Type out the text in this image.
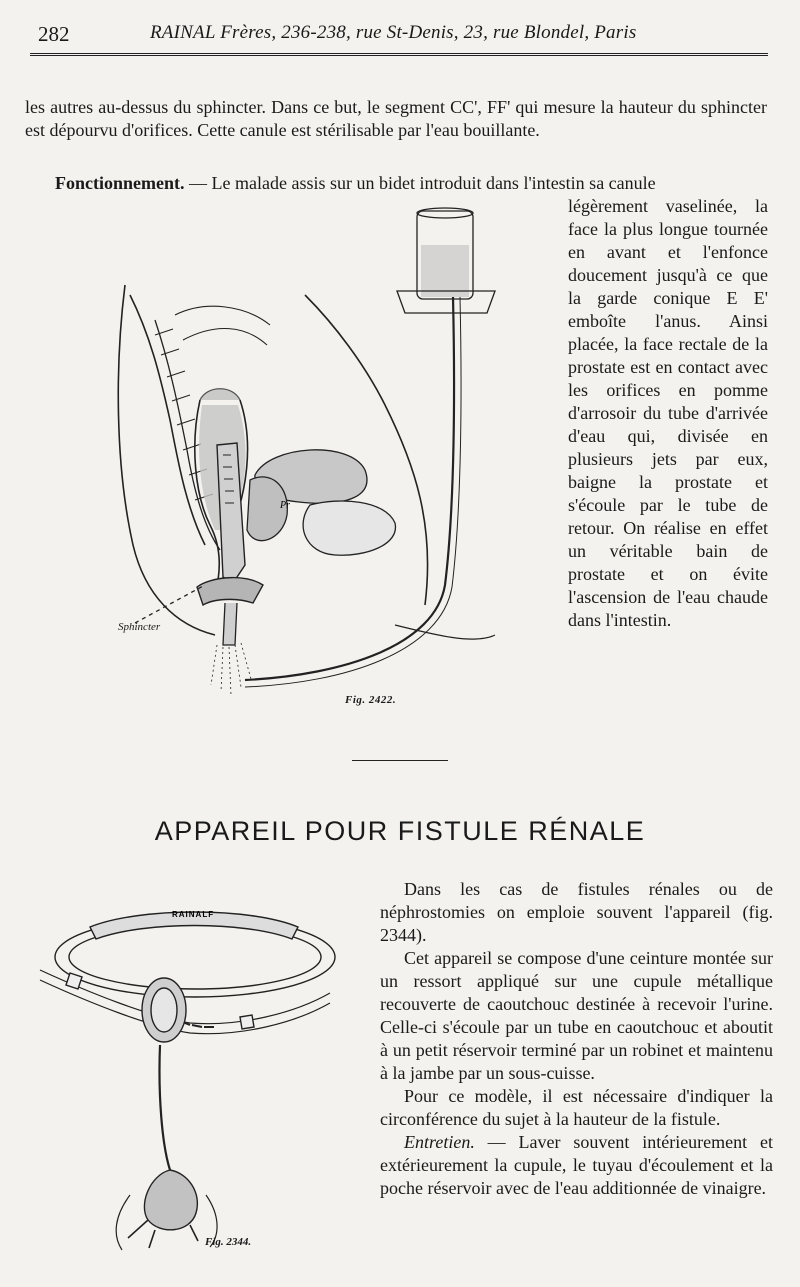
282	RAINAL Frères, 236-238, rue St-Denis, 23, rue Blondel, Paris

les autres au-dessus du sphincter. Dans ce but, le segment CC', FF' qui mesure la hauteur du sphincter est dépourvu d'orifices. Cette canule est stérilisable par l'eau bouillante.

Fonctionnement. — Le malade assis sur un bidet introduit dans l'intestin sa canule

légèrement vaselinée, la face la plus longue tournée en avant et l'enfonce doucement jusqu'à ce que la garde conique E E' emboîte l'anus. Ainsi placée, la face rectale de la prostate est en contact avec les orifices en pomme d'arrosoir du tube d'arrivée d'eau qui, divisée en plusieurs jets par eux, baigne la prostate et s'écoule par le tube de retour. On réalise en effet un véritable bain de prostate et on évite l'ascension de l'eau chaude dans l'intestin.

Pr
Sphincter
Fig. 2422.
APPAREIL POUR FISTULE RÉNALE
RAINALF
Fig. 2344.

Dans les cas de fistules rénales ou de néphrostomies on emploie souvent l'appareil (fig. 2344).

Cet appareil se compose d'une ceinture montée sur un ressort appliqué sur une cupule métallique recouverte de caoutchouc destinée à recevoir l'urine. Celle-ci s'écoule par un tube en caoutchouc et aboutit à un petit réservoir terminé par un robinet et maintenu à la jambe par un sous-cuisse.

Pour ce modèle, il est nécessaire d'indiquer la circonférence du sujet à la hauteur de la fistule.

Entretien. — Laver souvent intérieurement et extérieurement la cupule, le tuyau d'écoulement et la poche réservoir avec de l'eau additionnée de vinaigre.
